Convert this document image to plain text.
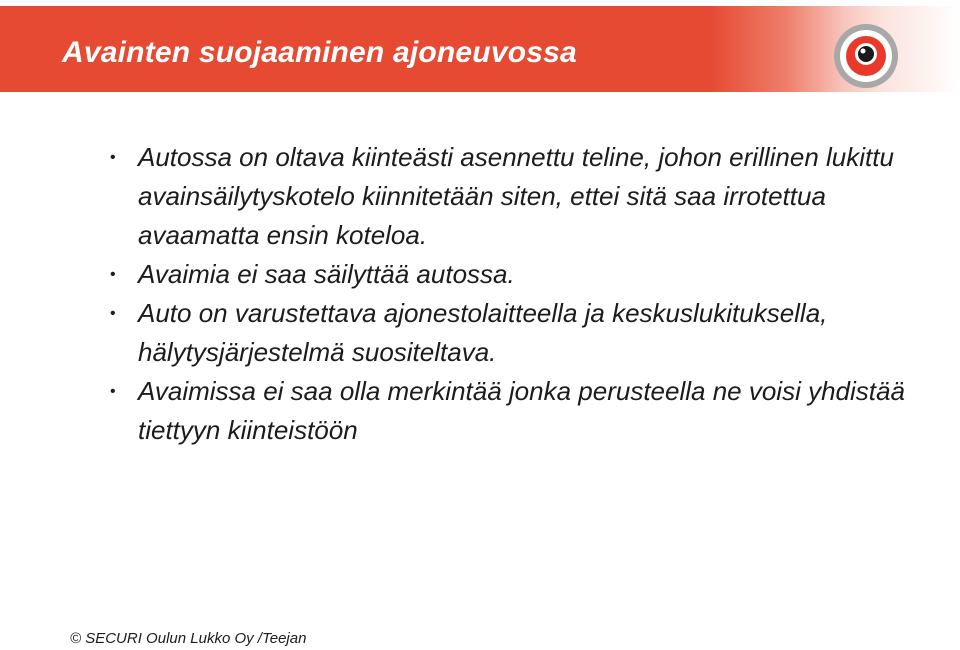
Avainten suojaaminen ajoneuvossa
• Autossa on oltava kiinteästi asennettu teline, johon erillinen lukittu avainsäilytyskotelo kiinnitetään siten, ettei sitä saa irrotettua avaamatta ensin koteloa.
• Avaimia ei saa säilyttää autossa.
• Auto on varustettava ajonestolaitteella ja keskuslukituksella, hälytysjärjestelmä suositeltava.
• Avaimissa ei saa olla merkintää jonka perusteella ne voisi yhdistää tiettyyn kiinteistöön
© SECURI Oulun Lukko Oy /Teejan
